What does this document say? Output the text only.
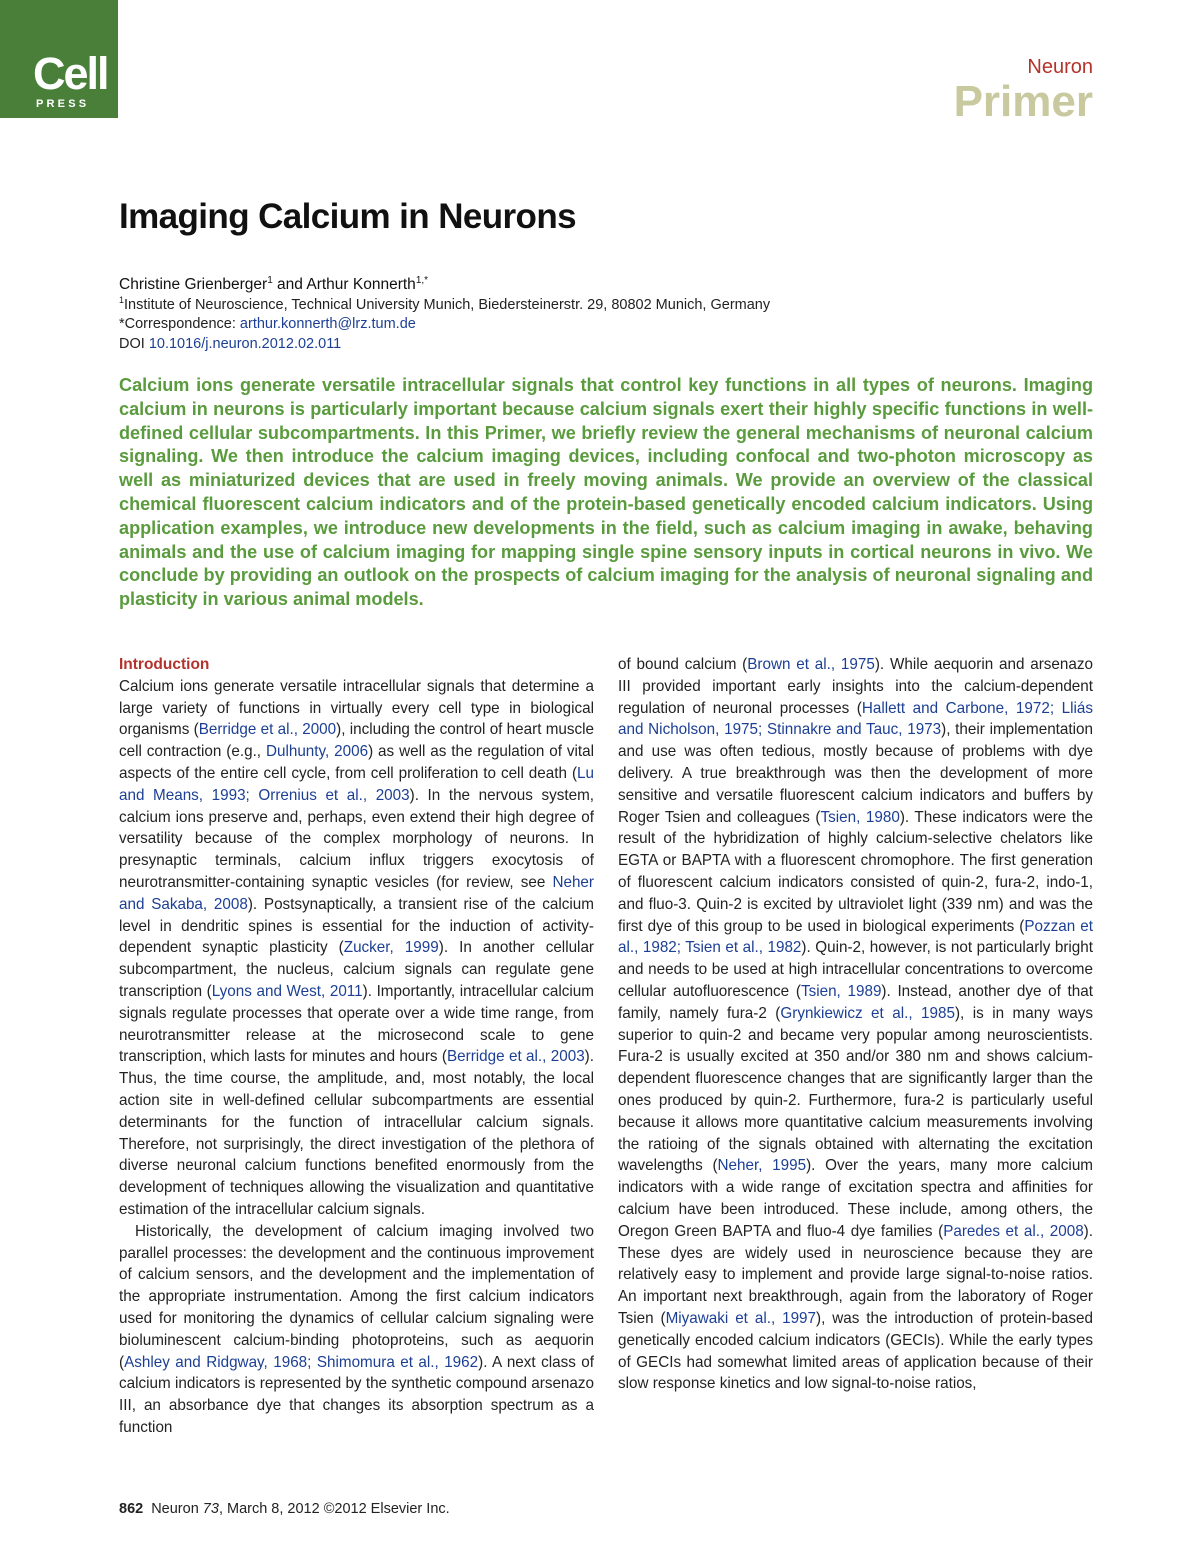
Cell
PRESS
Neuron
Primer
Imaging Calcium in Neurons
Christine Grienberger$^1$ and Arthur Konnerth$^{1,*}$
$^1$Institute of Neuroscience, Technical University Munich, Biedersteinerstr. 29, 80802 Munich, Germany
*Correspondence: arthur.konnerth@lrz.tum.de
DOI 10.1016/j.neuron.2012.02.011

Calcium ions generate versatile intracellular signals that control key functions in all types of neurons. Imaging calcium in neurons is particularly important because calcium signals exert their highly specific functions in well-defined cellular subcompartments. In this Primer, we briefly review the general mechanisms of neuronal calcium signaling. We then introduce the calcium imaging devices, including confocal and two-photon microscopy as well as miniaturized devices that are used in freely moving animals. We provide an overview of the classical chemical fluorescent calcium indicators and of the protein-based genetically encoded calcium indicators. Using application examples, we introduce new developments in the field, such as calcium imaging in awake, behaving animals and the use of calcium imaging for mapping single spine sensory inputs in cortical neurons in vivo. We conclude by providing an outlook on the prospects of calcium imaging for the analysis of neuronal signaling and plasticity in various animal models.

Introduction

Calcium ions generate versatile intracellular signals that determine a large variety of functions in virtually every cell type in biological organisms (Berridge et al., 2000), including the control of heart muscle cell contraction (e.g., Dulhunty, 2006) as well as the regulation of vital aspects of the entire cell cycle, from cell proliferation to cell death (Lu and Means, 1993; Orrenius et al., 2003). In the nervous system, calcium ions preserve and, perhaps, even extend their high degree of versatility because of the complex morphology of neurons. In presynaptic terminals, calcium influx triggers exocytosis of neurotransmitter-containing synaptic vesicles (for review, see Neher and Sakaba, 2008). Postsynaptically, a transient rise of the calcium level in dendritic spines is essential for the induction of activity-dependent synaptic plasticity (Zucker, 1999). In another cellular subcompartment, the nucleus, calcium signals can regulate gene transcription (Lyons and West, 2011). Importantly, intracellular calcium signals regulate processes that operate over a wide time range, from neurotransmitter release at the microsecond scale to gene transcription, which lasts for minutes and hours (Berridge et al., 2003). Thus, the time course, the amplitude, and, most notably, the local action site in well-defined cellular subcompartments are essential determinants for the function of intracellular calcium signals. Therefore, not surprisingly, the direct investigation of the plethora of diverse neuronal calcium functions benefited enormously from the development of techniques allowing the visualization and quantitative estimation of the intracellular calcium signals.

Historically, the development of calcium imaging involved two parallel processes: the development and the continuous improvement of calcium sensors, and the development and the implementation of the appropriate instrumentation. Among the first calcium indicators used for monitoring the dynamics of cellular calcium signaling were bioluminescent calcium-binding photoproteins, such as aequorin (Ashley and Ridgway, 1968; Shimomura et al., 1962). A next class of calcium indicators is represented by the synthetic compound arsenazo III, an absorbance dye that changes its absorption spectrum as a function

of bound calcium (Brown et al., 1975). While aequorin and arsenazo III provided important early insights into the calcium-dependent regulation of neuronal processes (Hallett and Carbone, 1972; Lliás and Nicholson, 1975; Stinnakre and Tauc, 1973), their implementation and use was often tedious, mostly because of problems with dye delivery. A true breakthrough was then the development of more sensitive and versatile fluorescent calcium indicators and buffers by Roger Tsien and colleagues (Tsien, 1980). These indicators were the result of the hybridization of highly calcium-selective chelators like EGTA or BAPTA with a fluorescent chromophore. The first generation of fluorescent calcium indicators consisted of quin-2, fura-2, indo-1, and fluo-3. Quin-2 is excited by ultraviolet light (339 nm) and was the first dye of this group to be used in biological experiments (Pozzan et al., 1982; Tsien et al., 1982). Quin-2, however, is not particularly bright and needs to be used at high intracellular concentrations to overcome cellular autofluorescence (Tsien, 1989). Instead, another dye of that family, namely fura-2 (Grynkiewicz et al., 1985), is in many ways superior to quin-2 and became very popular among neuroscientists. Fura-2 is usually excited at 350 and/or 380 nm and shows calcium-dependent fluorescence changes that are significantly larger than the ones produced by quin-2. Furthermore, fura-2 is particularly useful because it allows more quantitative calcium measurements involving the ratioing of the signals obtained with alternating the excitation wavelengths (Neher, 1995). Over the years, many more calcium indicators with a wide range of excitation spectra and affinities for calcium have been introduced. These include, among others, the Oregon Green BAPTA and fluo-4 dye families (Paredes et al., 2008). These dyes are widely used in neuroscience because they are relatively easy to implement and provide large signal-to-noise ratios. An important next breakthrough, again from the laboratory of Roger Tsien (Miyawaki et al., 1997), was the introduction of protein-based genetically encoded calcium indicators (GECIs). While the early types of GECIs had somewhat limited areas of application because of their slow response kinetics and low signal-to-noise ratios,

862 Neuron 73, March 8, 2012 ©2012 Elsevier Inc.
